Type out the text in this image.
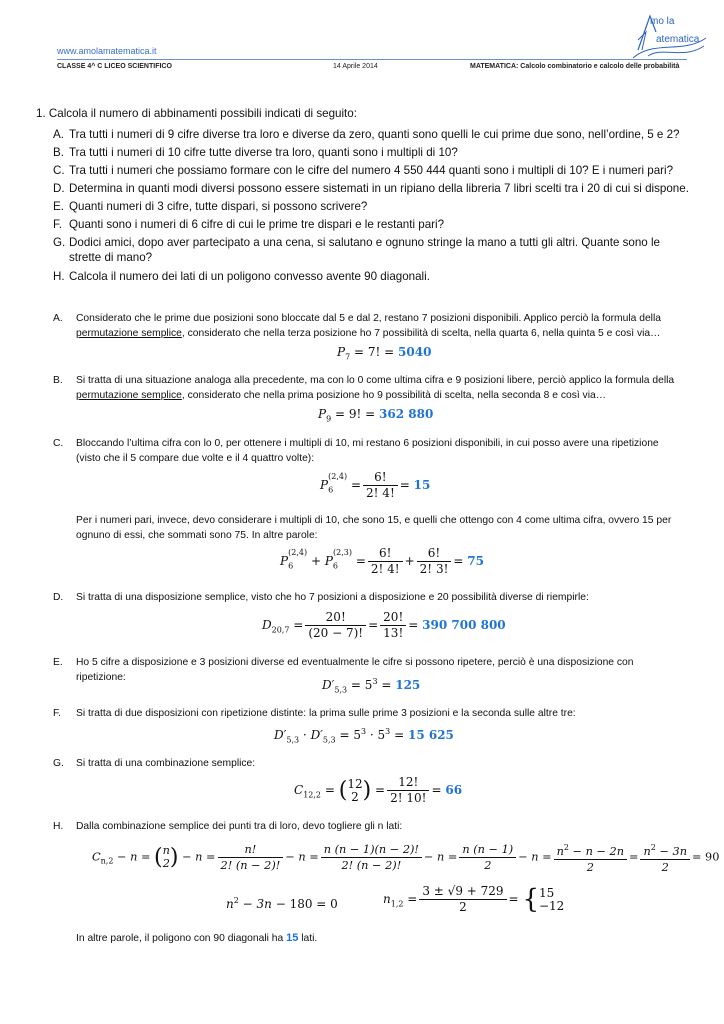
www.amolamatematica.it
CLASSE 4^ C LICEO SCIENTIFICO	14 Aprile 2014	MATEMATICA: Calcolo combinatorio e calcolo delle probabilità
mo la
atematica
1. Calcola il numero di abbinamenti possibili indicati di seguito:
A. Tra tutti i numeri di 9 cifre diverse tra loro e diverse da zero, quanti sono quelli le cui prime due sono, nell’ordine, 5 e 2?
B. Tra tutti i numeri di 10 cifre tutte diverse tra loro, quanti sono i multipli di 10?
C. Tra tutti i numeri che possiamo formare con le cifre del numero 4 550 444 quanti sono i multipli di 10? E i numeri pari?
D. Determina in quanti modi diversi possono essere sistemati in un ripiano della libreria 7 libri scelti tra i 20 di cui si dispone.
E. Quanti numeri di 3 cifre, tutte dispari, si possono scrivere?
F. Quanti sono i numeri di 6 cifre di cui le prime tre dispari e le restanti pari?
G. Dodici amici, dopo aver partecipato a una cena, si salutano e ognuno stringe la mano a tutti gli altri. Quante sono le strette di mano?
H. Calcola il numero dei lati di un poligono convesso avente 90 diagonali.
A. Considerato che le prime due posizioni sono bloccate dal 5 e dal 2, restano 7 posizioni disponibili. Applico perciò la formula della permutazione semplice, considerato che nella terza posizione ho 7 possibilità di scelta, nella quarta 6, nella quinta 5 e così via…
$P_7 = 7$! = 5040
B. Si tratta di una situazione analoga alla precedente, ma con lo 0 come ultima cifra e 9 posizioni libere, perciò applico la formula della permutazione semplice, considerato che nella prima posizione ho 9 possibilità di scelta, nella seconda 8 e così via…
$P_9 = 9$! = 362 880
C. Bloccando l’ultima cifra con lo 0, per ottenere i multipli di 10, mi restano 6 posizioni disponibili, in cui posso avere una ripetizione (visto che il 5 compare due volte e il 4 quattro volte):
$P_6^{(2,4)} = \frac{6!}{2! 4!} = 15$
Per i numeri pari, invece, devo considerare i multipli di 10, che sono 15, e quelli che ottengo con 4 come ultima cifra, ovvero 15 per ognuno di essi, che sommati sono 75. In altre parole:
$P_6^{(2,4)} + P_6^{(2,3)} = \frac{6!}{2! 4!} + \frac{6!}{2! 3!} = 75$
D. Si tratta di una disposizione semplice, visto che ho 7 posizioni a disposizione e 20 possibilità diverse di riempirle:
$D_{20,7} = \frac{20!}{(20 - 7)!} = \frac{20!}{13!} = 390$ 700 800
E. Ho 5 cifre a disposizione e 3 posizioni diverse ed eventualmente le cifre si possono ripetere, perciò è una disposizione con ripetizione:
$D'_{5,3} = 5^3 = 125$
F. Si tratta di due disposizioni con ripetizione distinte: la prima sulle prime 3 posizioni e la seconda sulle altre tre:
$D'_{5,3} \cdot D'_{5,3} = 5^3 \cdot 5^3 = 15$ 625
G. Si tratta di una combinazione semplice:
$C_{12,2}$ = ( 12
2 ) = $\frac{12!}{2! 10!} = 66$
H. Dalla combinazione semplice dei punti tra di loro, devo togliere gli n lati:
$C_{n,2} - n$ = ( n
2 ) − $n = \frac{n!}{2! (n - 2)!} - n = \frac{n (n - 1)(n - 2)!}{2! (n - 2)!} - n = \frac{n (n - 1)}{2} - n = \frac{n^2 - n - 2n}{2} = \frac{n^2 - 3n}{2} = 90$
$n^2 - 3n - 180 = 0$	$n_{1,2} = \frac{3 \pm √9 + 729}{2}$ = { 15
−12
In altre parole, il poligono con 90 diagonali ha 15 lati.
